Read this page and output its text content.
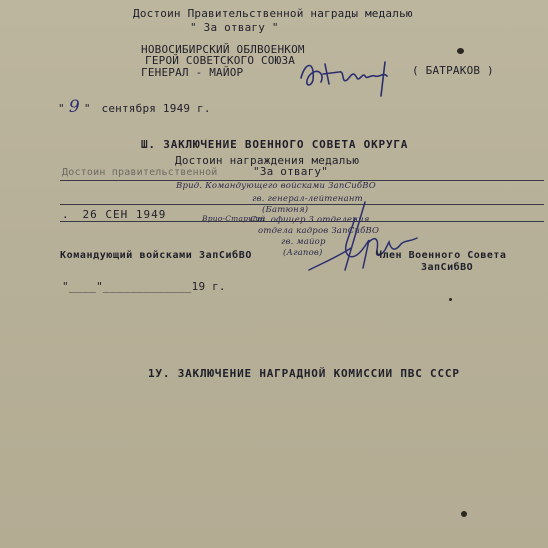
Достоин Правительственной награды медалью
" За отвагу "
НОВОСИБИРСКИЙ ОБЛВОЕНКОМ
ГЕРОЙ СОВЕТСКОГО СОЮЗА
ГЕНЕРАЛ - МАЙОР	( БАТРАКОВ )
" 9 " сентября 1949 г.
Ш. ЗАКЛЮЧЕНИЕ ВОЕННОГО СОВЕТА ОКРУГА
Достоин награждения медалью
"За отвагу"
Достоин правительственной
Врид. Командующего войсками ЗапСибВО
гв. генерал-лейтенант
(Батюня)
.  26 СЕН 1949	Врио-Старший
Ст. офицер 3 отделения
отдела кадров ЗапСибВО
гв. майор
(Агапов)
Командующий войсками ЗапСибВО	Член Военного Совета
ЗапСибВО
"____"_____________19 г.
1У. ЗАКЛЮЧЕНИЕ НАГРАДНОЙ КОМИССИИ ПВС СССР
